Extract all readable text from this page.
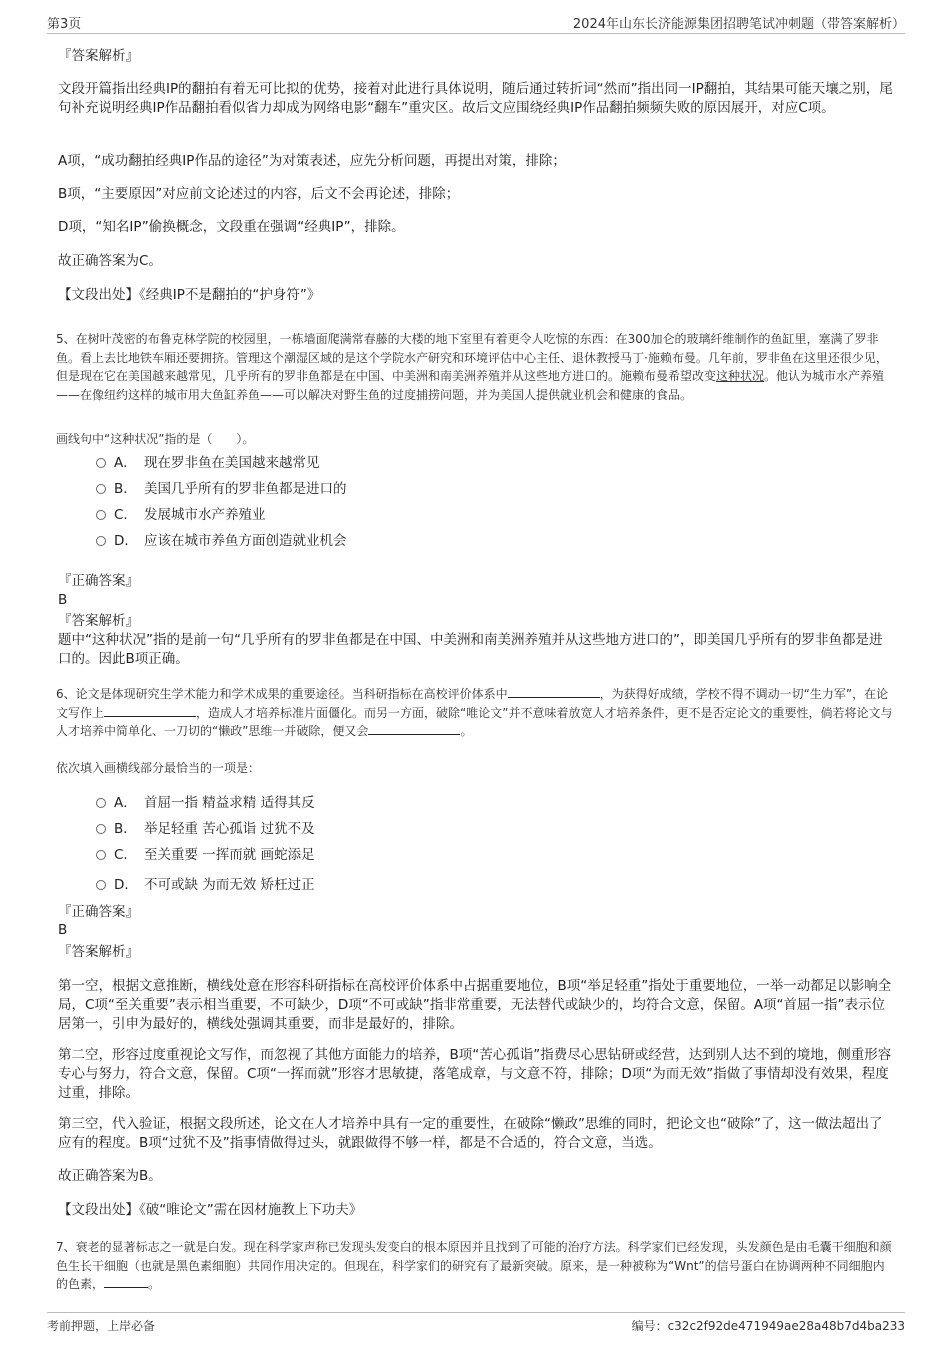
第3页	2024年山东长济能源集团招聘笔试冲刺题（带答案解析）
『答案解析』
文段开篇指出经典IP的翻拍有着无可比拟的优势，接着对此进行具体说明，随后通过转折词“然而”指出同一IP翻拍，其结果可能天壤之别，尾句补充说明经典IP作品翻拍看似省力却成为网络电影“翻车”重灾区。故后文应围绕经典IP作品翻拍频频失败的原因展开，对应C项。
A项，“成功翻拍经典IP作品的途径”为对策表述，应先分析问题，再提出对策，排除；
B项，“主要原因”对应前文论述过的内容，后文不会再论述，排除；
D项，“知名IP”偷换概念，文段重在强调“经典IP”，排除。
故正确答案为C。
【文段出处】《经典IP不是翻拍的“护身符”》
5、在树叶茂密的布鲁克林学院的校园里，一栋墙面爬满常春藤的大楼的地下室里有着更令人吃惊的东西：在300加仑的玻璃纤维制作的鱼缸里，塞满了罗非鱼。看上去比地铁车厢还要拥挤。管理这个潮湿区域的是这个学院水产研究和环境评估中心主任、退休教授马丁·施赖布曼。几年前，罗非鱼在这里还很少见，但是现在它在美国越来越常见，几乎所有的罗非鱼都是在中国、中美洲和南美洲养殖并从这些地方进口的。施赖布曼希望改变这种状况。他认为城市水产养殖——在像纽约这样的城市用大鱼缸养鱼——可以解决对野生鱼的过度捕捞问题，并为美国人提供就业机会和健康的食品。
画线句中“这种状况”指的是（　　）。
A． 现在罗非鱼在美国越来越常见
B． 美国几乎所有的罗非鱼都是进口的
C． 发展城市水产养殖业
D． 应该在城市养鱼方面创造就业机会
『正确答案』
B
『答案解析』
题中“这种状况”指的是前一句“几乎所有的罗非鱼都是在中国、中美洲和南美洲养殖并从这些地方进口的”，即美国几乎所有的罗非鱼都是进口的。因此B项正确。
6、论文是体现研究生学术能力和学术成果的重要途径。当科研指标在高校评价体系中	，为获得好成绩，学校不得不调动一切“生力军”，在论文写作上	，造成人才培养标准片面僵化。而另一方面，破除“唯论文”并不意味着放宽人才培养条件，更不是否定论文的重要性，倘若将论文与人才培养中简单化、一刀切的“懒政”思维一并破除，便又会	。
依次填入画横线部分最恰当的一项是：
A． 首屈一指 精益求精 适得其反
B． 举足轻重 苦心孤诣 过犹不及
C． 至关重要 一挥而就 画蛇添足
D． 不可或缺 为而无效 矫枉过正
『正确答案』
B
『答案解析』
第一空，根据文意推断，横线处意在形容科研指标在高校评价体系中占据重要地位，B项“举足轻重”指处于重要地位，一举一动都足以影响全局，C项“至关重要”表示相当重要，不可缺少，D项“不可或缺”指非常重要，无法替代或缺少的，均符合文意，保留。A项“首屈一指”表示位居第一，引申为最好的，横线处强调其重要，而非是最好的，排除。
第二空，形容过度重视论文写作，而忽视了其他方面能力的培养，B项“苦心孤诣”指费尽心思钻研或经营，达到别人达不到的境地，侧重形容专心与努力，符合文意，保留。C项“一挥而就”形容才思敏捷，落笔成章，与文意不符，排除；D项“为而无效”指做了事情却没有效果，程度过重，排除。
第三空，代入验证，根据文段所述，论文在人才培养中具有一定的重要性，在破除“懒政”思维的同时，把论文也“破除”了，这一做法超出了应有的程度。B项“过犹不及”指事情做得过头，就跟做得不够一样，都是不合适的，符合文意，当选。
故正确答案为B。
【文段出处】《破“唯论文”需在因材施教上下功夫》
7、衰老的显著标志之一就是白发。现在科学家声称已发现头发变白的根本原因并且找到了可能的治疗方法。科学家们已经发现，头发颜色是由毛囊干细胞和颜色生长干细胞（也就是黑色素细胞）共同作用决定的。但现在，科学家们的研究有了最新突破。原来，是一种被称为“Wnt”的信号蛋白在协调两种不同细胞内的色素，	。
考前押题，上岸必备	编号：c32c2f92de471949ae28a48b7d4ba233
